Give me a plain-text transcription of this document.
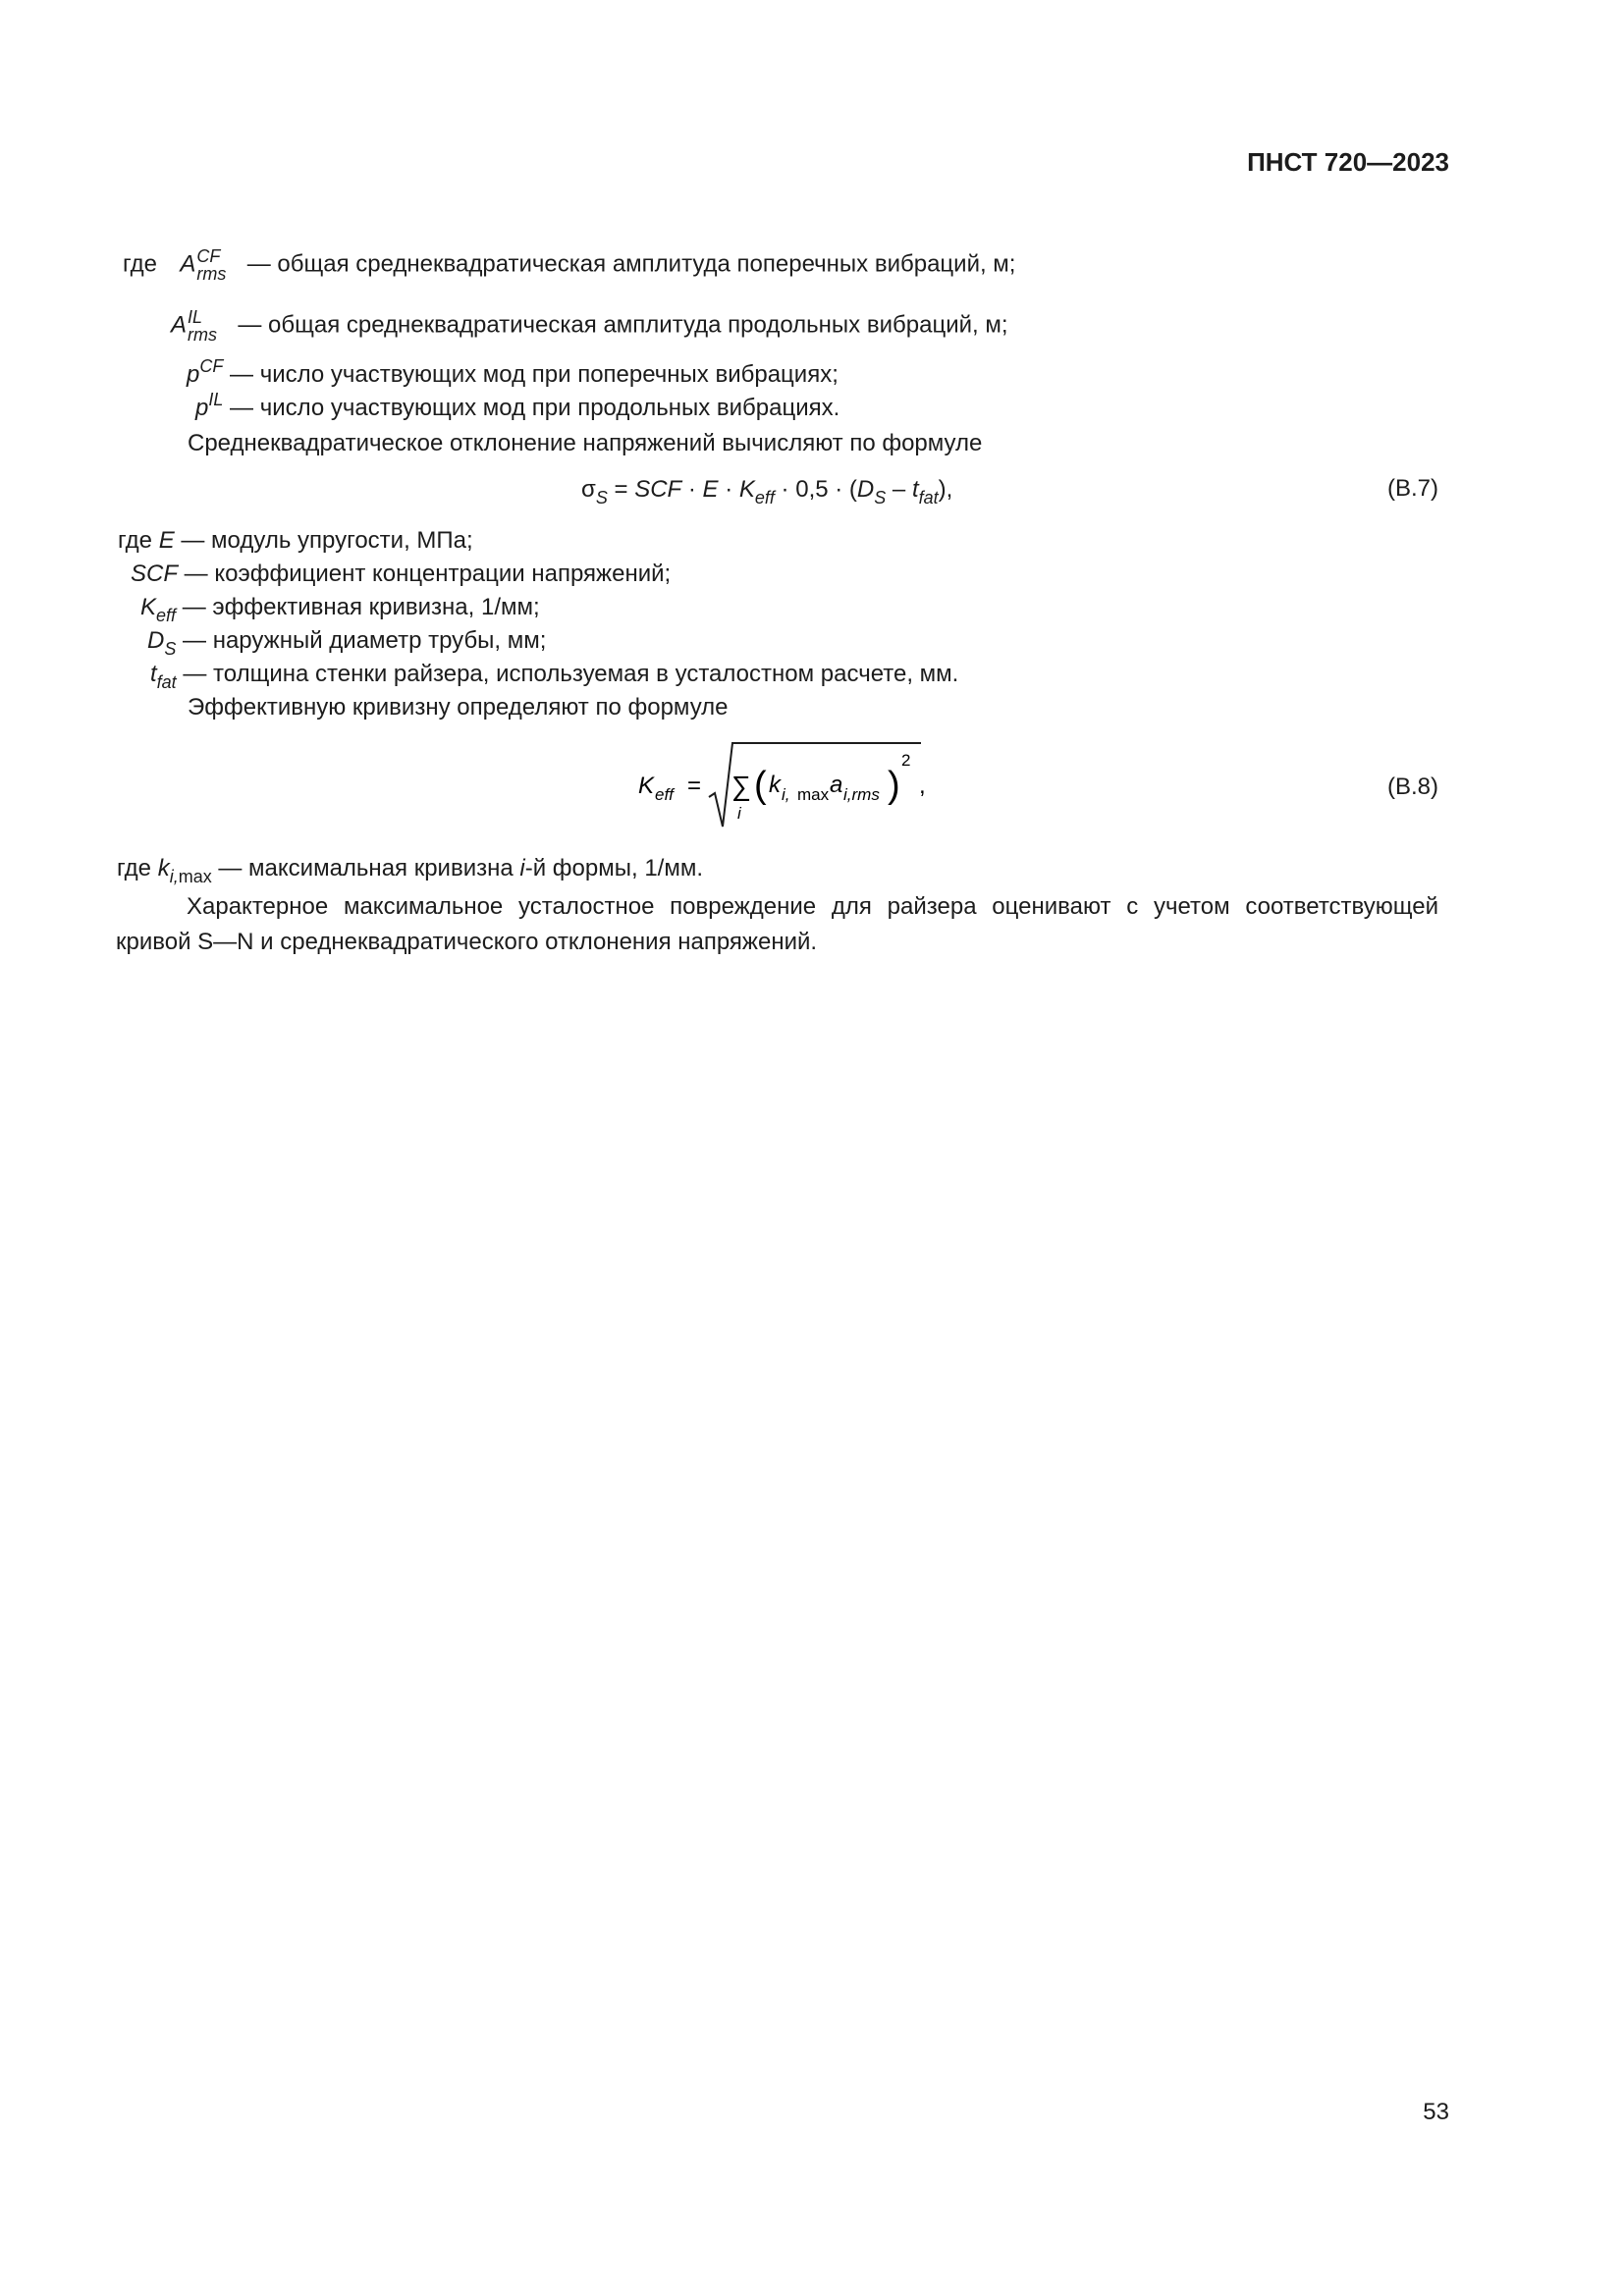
ПНСТ 720—2023
где A CF
rms — общая среднеквадратическая амплитуда поперечных вибраций, м;
A IL
rms — общая среднеквадратическая амплитуда продольных вибраций, м;
$p^{CF}$ — число участвующих мод при поперечных вибрациях;
$p^{IL}$ — число участвующих мод при продольных вибрациях.
Среднеквадратическое отклонение напряжений вычисляют по формуле
$\sigma_S$ = SCF · $E \cdot K_{eff} \cdot 0,5 \cdot (D_S - t_{fat})$,	(В.7)
где E — модуль упругости, МПа;
SCF — коэффициент концентрации напряжений;
$K_{eff}$ — эффективная кривизна, 1/мм;
$D_S$ — наружный диаметр трубы, мм;
$t_{fat}$ — толщина стенки райзера, используемая в усталостном расчете, мм.
Эффективную кривизну определяют по формуле
K eff = ∑
i
( k i, max a i,rms )
2
,	(В.8)
где $k_{i,max}$ — максимальная кривизна i-й формы, 1/мм.
Характерное максимальное усталостное повреждение для райзера оценивают с учетом соответствующей кривой S—N и среднеквадратического отклонения напряжений.
53
